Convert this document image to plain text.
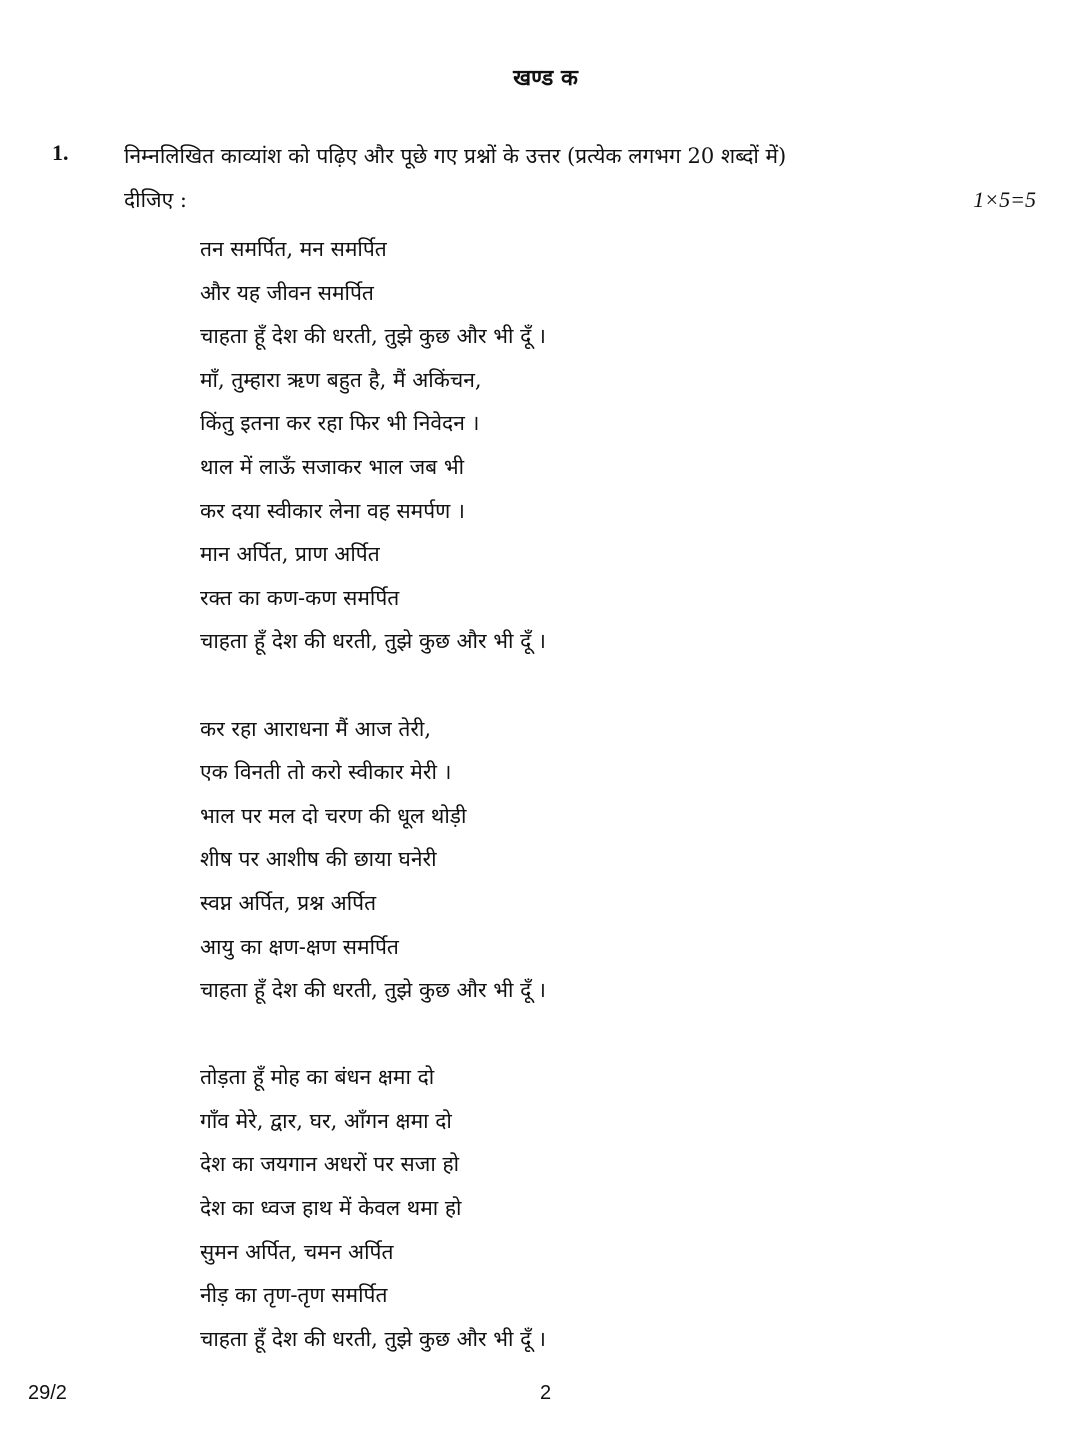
खण्ड क
1.	निम्नलिखित काव्यांश को पढ़िए और पूछे गए प्रश्नों के उत्तर (प्रत्येक लगभग 20 शब्दों में)
दीजिए :	1×5=5
तन समर्पित, मन समर्पित
और यह जीवन समर्पित
चाहता हूँ देश की धरती, तुझे कुछ और भी दूँ ।
माँ, तुम्हारा ऋण बहुत है, मैं अकिंचन,
किंतु इतना कर रहा फिर भी निवेदन ।
थाल में लाऊँ सजाकर भाल जब भी
कर दया स्वीकार लेना वह समर्पण ।
मान अर्पित, प्राण अर्पित
रक्त का कण-कण समर्पित
चाहता हूँ देश की धरती, तुझे कुछ और भी दूँ ।
कर रहा आराधना मैं आज तेरी,
एक विनती तो करो स्वीकार मेरी ।
भाल पर मल दो चरण की धूल थोड़ी
शीष पर आशीष की छाया घनेरी
स्वप्न अर्पित, प्रश्न अर्पित
आयु का क्षण-क्षण समर्पित
चाहता हूँ देश की धरती, तुझे कुछ और भी दूँ ।
तोड़ता हूँ मोह का बंधन क्षमा दो
गाँव मेरे, द्वार, घर, आँगन क्षमा दो
देश का जयगान अधरों पर सजा हो
देश का ध्वज हाथ में केवल थमा हो
सुमन अर्पित, चमन अर्पित
नीड़ का तृण-तृण समर्पित
चाहता हूँ देश की धरती, तुझे कुछ और भी दूँ ।
29/2	2
